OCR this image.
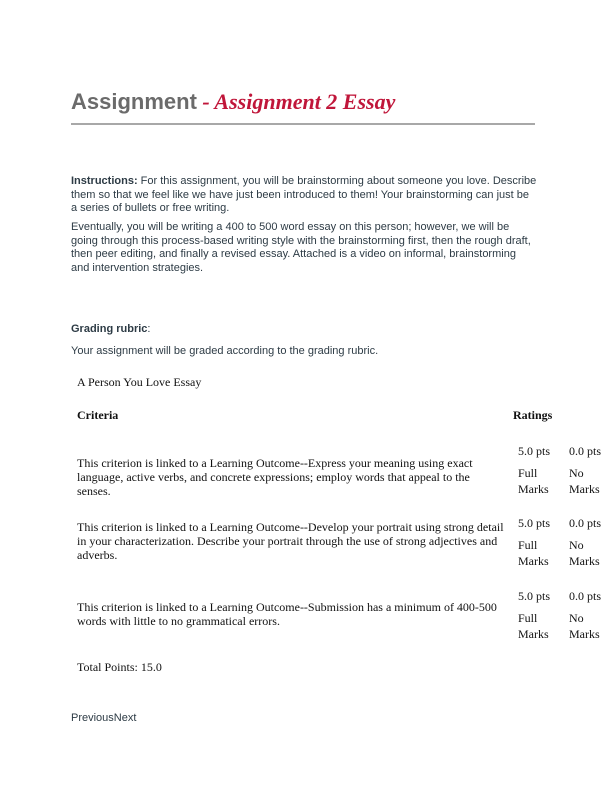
Assignment - Assignment 2 Essay

Instructions: For this assignment, you will be brainstorming about someone you love. Describe them so that we feel like we have just been introduced to them! Your brainstorming can just be a series of bullets or free writing.

Eventually, you will be writing a 400 to 500 word essay on this person; however, we will be going through this process-based writing style with the brainstorming first, then the rough draft, then peer editing, and finally a revised essay. Attached is a video on informal, brainstorming and intervention strategies.

Grading rubric:
Your assignment will be graded according to the grading rubric.
A Person You Love Essay
Criteria	Ratings

This criterion is linked to a Learning Outcome--Express your meaning using exact language, active verbs, and concrete expressions; employ words that appeal to the senses.

5.0 pts
Full Marks
0.0 pts
No Marks

This criterion is linked to a Learning Outcome--Develop your portrait using strong detail in your characterization. Describe your portrait through the use of strong adjectives and adverbs.

5.0 pts
Full Marks
0.0 pts
No Marks

This criterion is linked to a Learning Outcome--Submission has a minimum of 400-500 words with little to no grammatical errors.

5.0 pts
Full Marks
0.0 pts
No Marks
Total Points: 15.0
PreviousNext
